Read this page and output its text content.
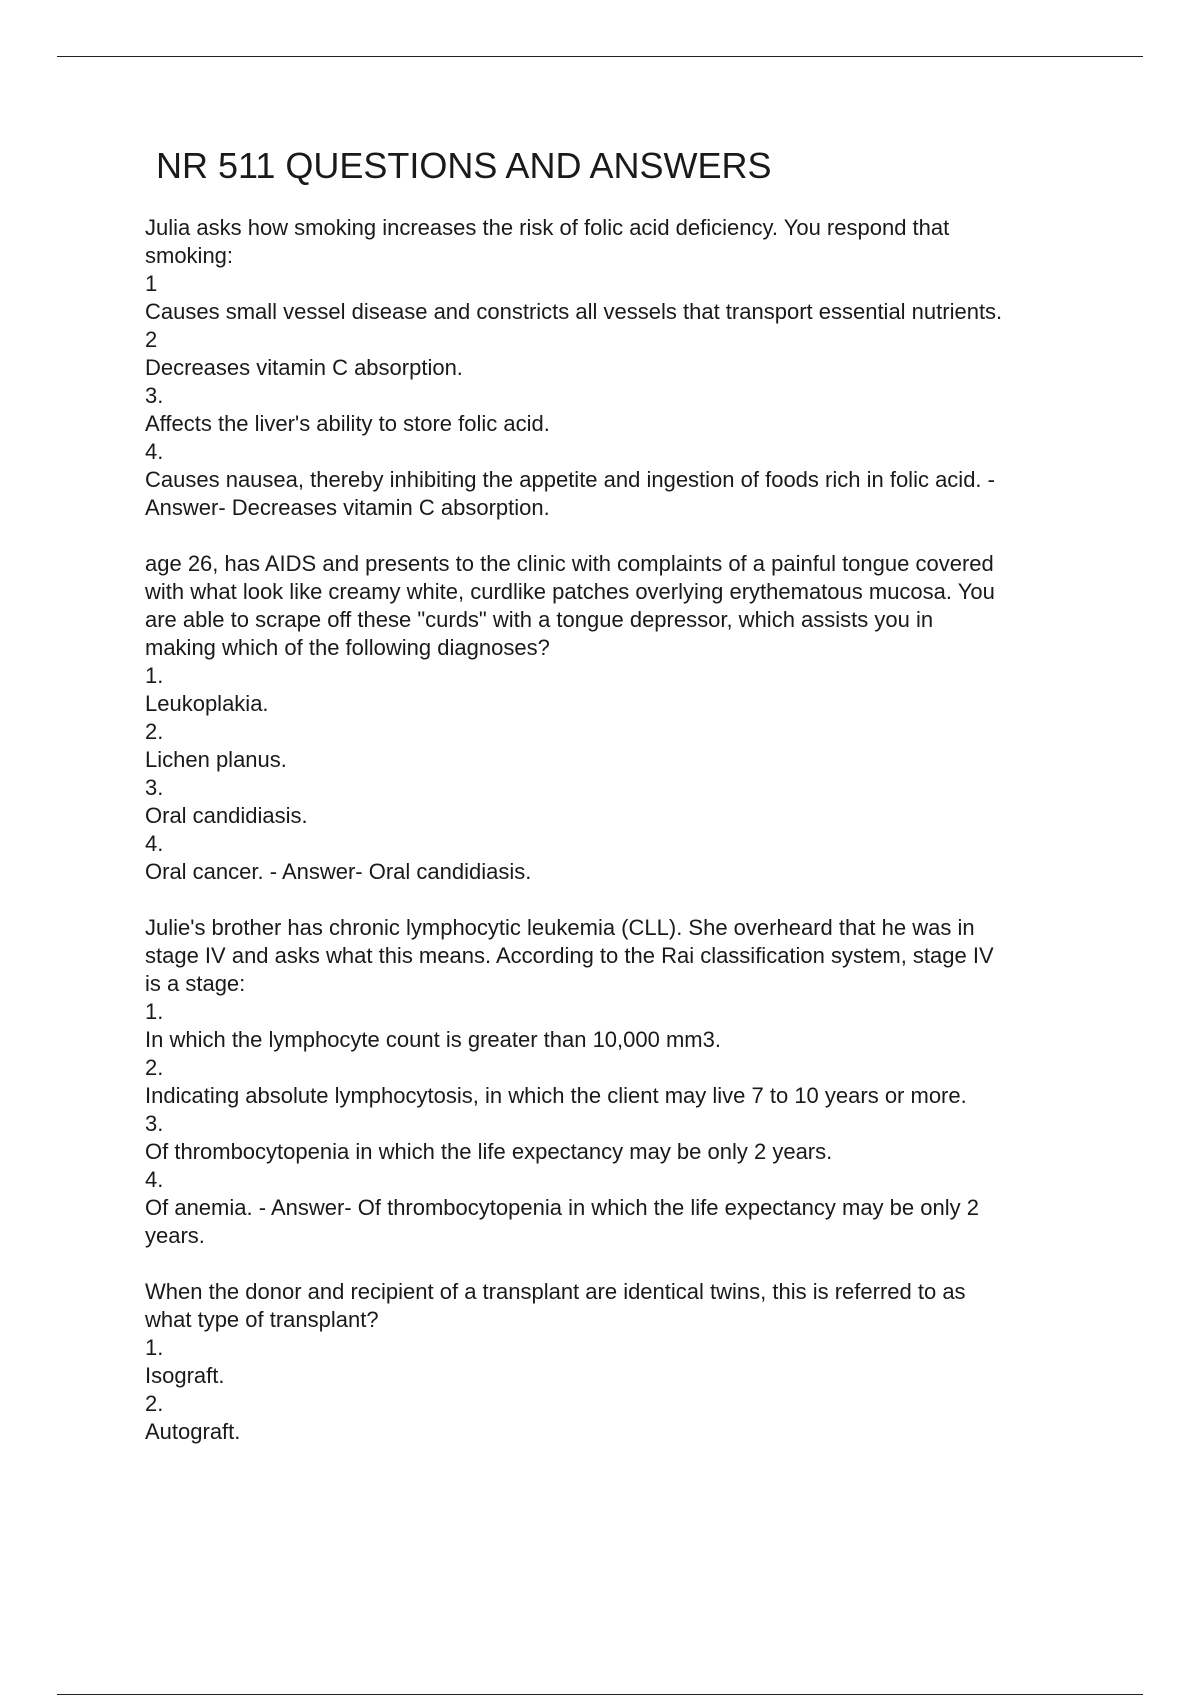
NR 511 QUESTIONS AND ANSWERS
Julia asks how smoking increases the risk of folic acid deficiency. You respond that
smoking:
1
Causes small vessel disease and constricts all vessels that transport essential nutrients.
2
Decreases vitamin C absorption.
3.
Affects the liver's ability to store folic acid.
4.
Causes nausea, thereby inhibiting the appetite and ingestion of foods rich in folic acid. -
Answer- Decreases vitamin C absorption.
age 26, has AIDS and presents to the clinic with complaints of a painful tongue covered
with what look like creamy white, curdlike patches overlying erythematous mucosa. You
are able to scrape off these "curds" with a tongue depressor, which assists you in
making which of the following diagnoses?
1.
Leukoplakia.
2.
Lichen planus.
3.
Oral candidiasis.
4.
Oral cancer. - Answer- Oral candidiasis.
Julie's brother has chronic lymphocytic leukemia (CLL). She overheard that he was in
stage IV and asks what this means. According to the Rai classification system, stage IV
is a stage:
1.
In which the lymphocyte count is greater than 10,000 mm3.
2.
Indicating absolute lymphocytosis, in which the client may live 7 to 10 years or more.
3.
Of thrombocytopenia in which the life expectancy may be only 2 years.
4.
Of anemia. - Answer- Of thrombocytopenia in which the life expectancy may be only 2
years.
When the donor and recipient of a transplant are identical twins, this is referred to as
what type of transplant?
1.
Isograft.
2.
Autograft.
